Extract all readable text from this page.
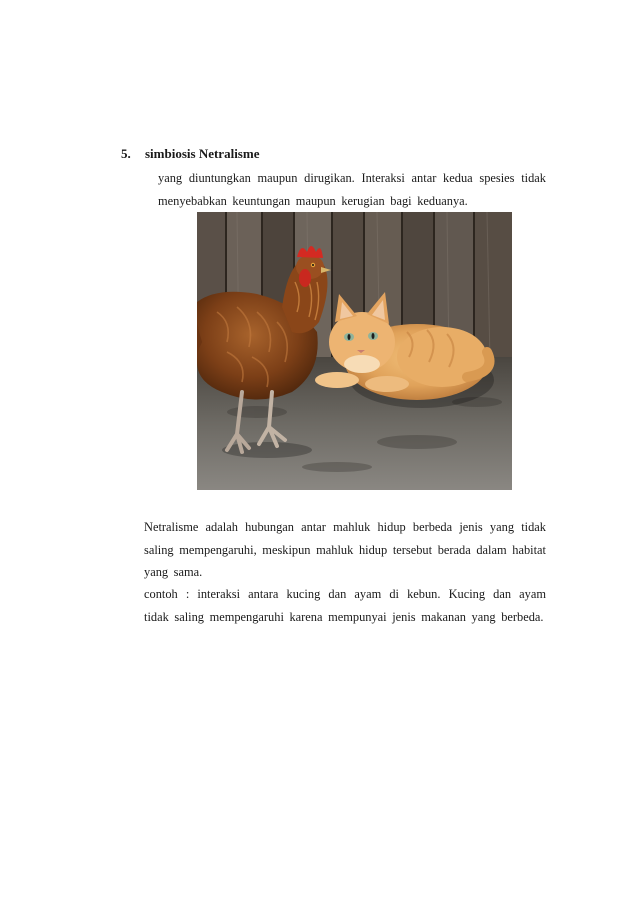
5. simbiosis Netralisme
yang diuntungkan maupun dirugikan. Interaksi antar kedua spesies tidak menyebabkan keuntungan maupun kerugian bagi keduanya.
Netralisme adalah hubungan antar mahluk hidup berbeda jenis yang tidak saling mempengaruhi, meskipun mahluk hidup tersebut berada dalam habitat yang sama.
contoh : interaksi antara kucing dan ayam di kebun. Kucing dan ayam tidak saling mempengaruhi karena mempunyai jenis makanan yang berbeda.
